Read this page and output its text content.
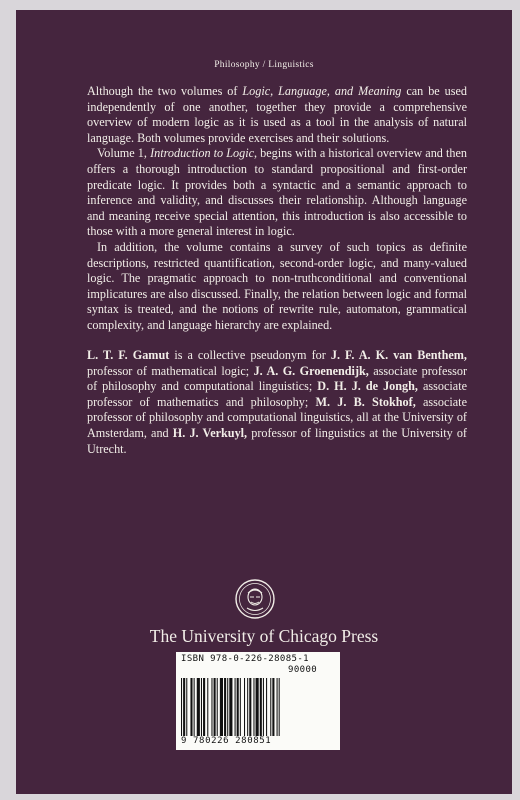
Philosophy / Linguistics

Although the two volumes of Logic, Language, and Meaning can be used independently of one another, together they provide a comprehensive overview of modern logic as it is used as a tool in the analysis of natural language. Both volumes provide exercises and their solutions.

Volume 1, Introduction to Logic, begins with a historical overview and then offers a thorough introduction to standard propositional and first-order predicate logic. It provides both a syntactic and a semantic approach to inference and validity, and discusses their relationship. Although language and meaning receive special attention, this introduction is also accessible to those with a more general interest in logic.

In addition, the volume contains a survey of such topics as definite descriptions, restricted quantification, second-order logic, and many-valued logic. The pragmatic approach to non-truthconditional and conventional implicatures are also discussed. Finally, the relation between logic and formal syntax is treated, and the notions of rewrite rule, automaton, grammatical complexity, and language hierarchy are explained.

L. T. F. Gamut is a collective pseudonym for J. F. A. K. van Benthem, professor of mathematical logic; J. A. G. Groenendijk, associate professor of philosophy and computational linguistics; D. H. J. de Jongh, associate professor of mathematics and philosophy; M. J. B. Stokhof, associate professor of philosophy and computational linguistics, all at the University of Amsterdam, and H. J. Verkuyl, professor of linguistics at the University of Utrecht.

The University of Chicago Press
ISBN 978-0-226-28085-1
90000
9 780226 280851
